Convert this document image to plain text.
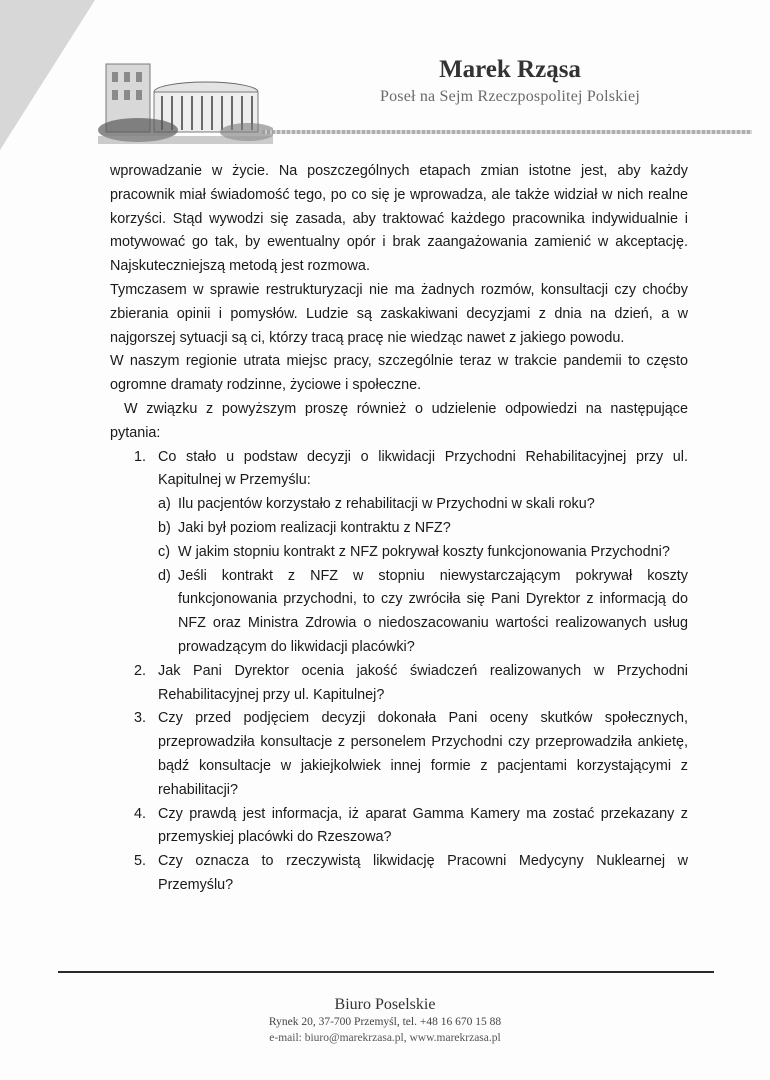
Marek Rząsa
Poseł na Sejm Rzeczpospolitej Polskiej

wprowadzanie w życie. Na poszczególnych etapach zmian istotne jest, aby każdy pracownik miał świadomość tego, po co się je wprowadza, ale także widział w nich realne korzyści. Stąd wywodzi się zasada, aby traktować każdego pracownika indywidualnie i motywować go tak, by ewentualny opór i brak zaangażowania zamienić w akceptację. Najskuteczniejszą metodą jest rozmowa.

Tymczasem w sprawie restrukturyzacji nie ma żadnych rozmów, konsultacji czy choćby zbierania opinii i pomysłów. Ludzie są zaskakiwani decyzjami z dnia na dzień, a w najgorszej sytuacji są ci, którzy tracą pracę nie wiedząc nawet z jakiego powodu.

W naszym regionie utrata miejsc pracy, szczególnie teraz w trakcie pandemii to często ogromne dramaty rodzinne, życiowe i społeczne.

W związku z powyższym proszę również o udzielenie odpowiedzi na następujące pytania:

1. Co stało u podstaw decyzji o likwidacji Przychodni Rehabilitacyjnej przy ul. Kapitulnej w Przemyślu:
a) Ilu pacjentów korzystało z rehabilitacji w Przychodni w skali roku?
b) Jaki był poziom realizacji kontraktu z NFZ?
c) W jakim stopniu kontrakt z NFZ pokrywał koszty funkcjonowania Przychodni?
d) Jeśli kontrakt z NFZ w stopniu niewystarczającym pokrywał koszty funkcjonowania przychodni, to czy zwróciła się Pani Dyrektor z informacją do NFZ oraz Ministra Zdrowia o niedoszacowaniu wartości realizowanych usług prowadzącym do likwidacji placówki?
2. Jak Pani Dyrektor ocenia jakość świadczeń realizowanych w Przychodni Rehabilitacyjnej przy ul. Kapitulnej?
3. Czy przed podjęciem decyzji dokonała Pani oceny skutków społecznych, przeprowadziła konsultacje z personelem Przychodni czy przeprowadziła ankietę, bądź konsultacje w jakiejkolwiek innej formie z pacjentami korzystającymi z rehabilitacji?
4. Czy prawdą jest informacja, iż aparat Gamma Kamery ma zostać przekazany z przemyskiej placówki do Rzeszowa?
5. Czy oznacza to rzeczywistą likwidację Pracowni Medycyny Nuklearnej w Przemyślu?
Biuro Poselskie
Rynek 20, 37-700 Przemyśl, tel. +48 16 670 15 88
e-mail: biuro@marekrzasa.pl, www.marekrzasa.pl
